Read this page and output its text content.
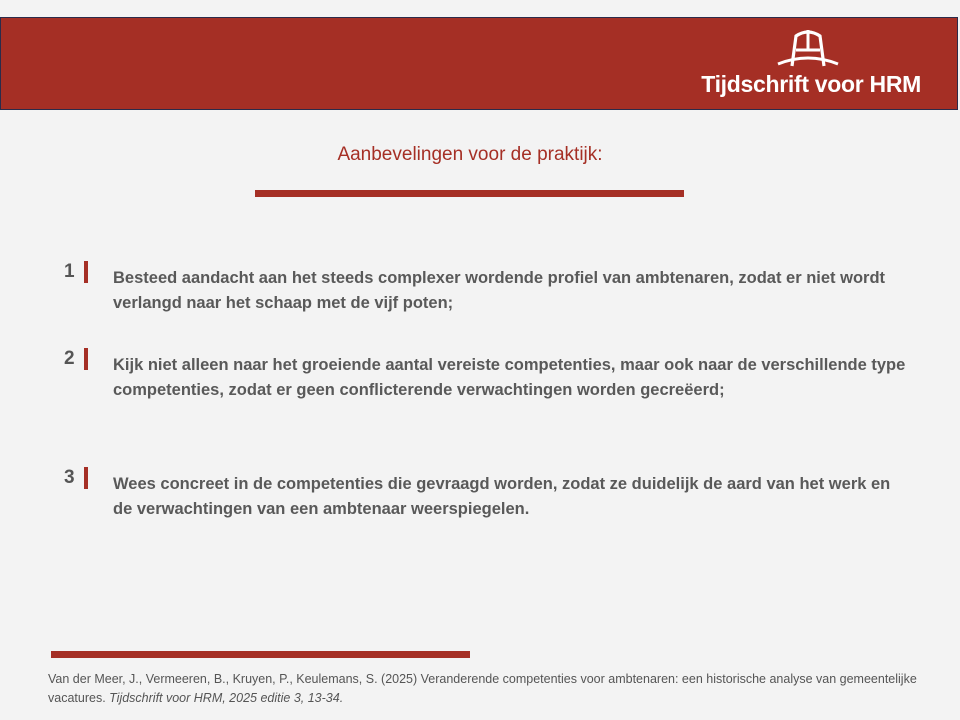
Tijdschrift voor HRM
Aanbevelingen voor de praktijk:
1 Besteed aandacht aan het steeds complexer wordende profiel van ambtenaren, zodat er niet wordt verlangd naar het schaap met de vijf poten;
2 Kijk niet alleen naar het groeiende aantal vereiste competenties, maar ook naar de verschillende type competenties, zodat er geen conflicterende verwachtingen worden gecreëerd;
3 Wees concreet in de competenties die gevraagd worden, zodat ze duidelijk de aard van het werk en de verwachtingen van een ambtenaar weerspiegelen.
Van der Meer, J., Vermeeren, B., Kruyen, P., Keulemans, S. (2025) Veranderende competenties voor ambtenaren: een historische analyse van gemeentelijke vacatures. Tijdschrift voor HRM, 2025 editie 3, 13-34.
